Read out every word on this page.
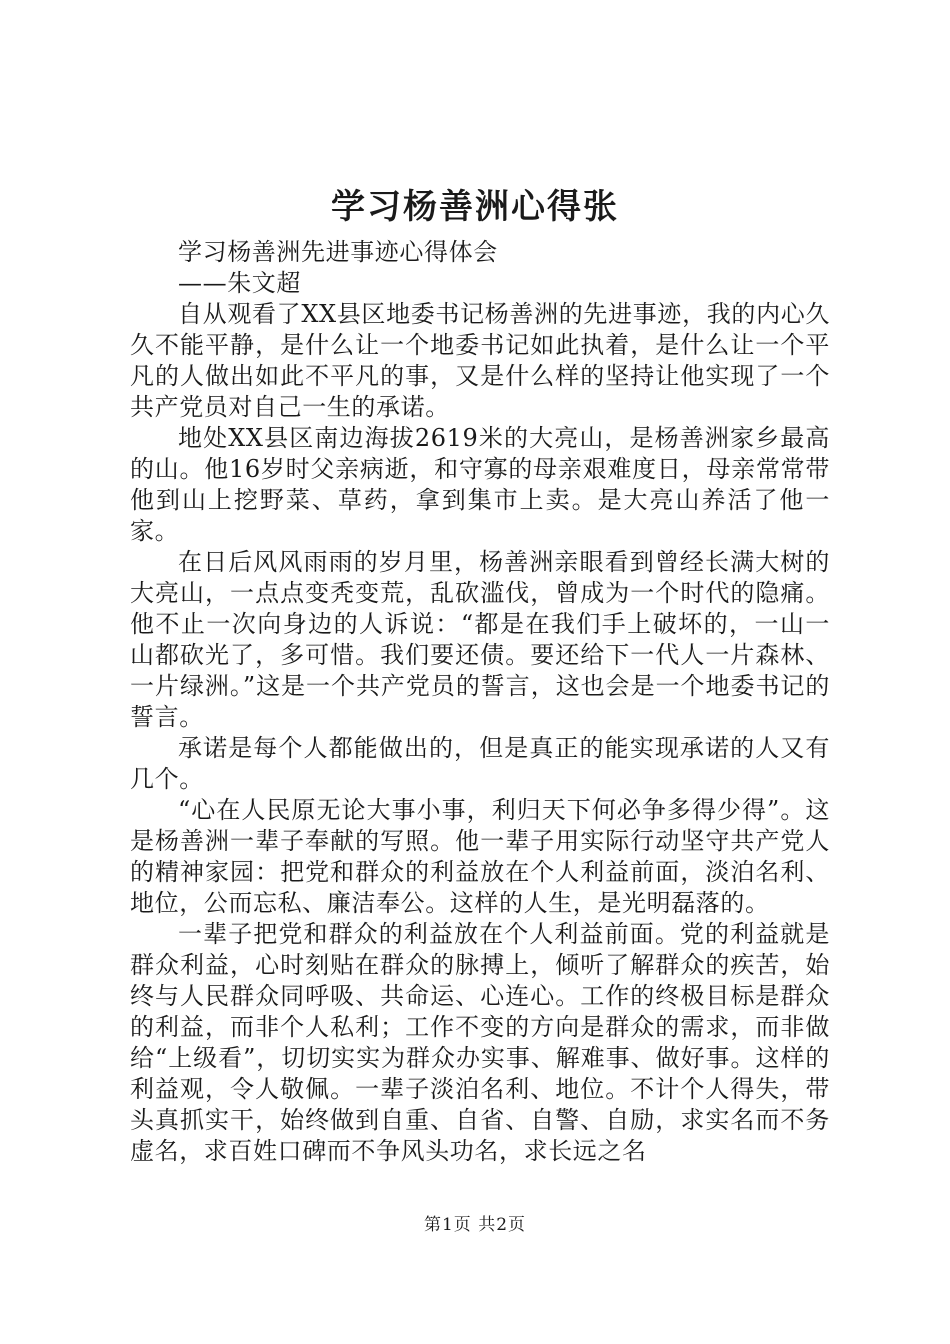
学习杨善洲心得张

学习杨善洲先进事迹心得体会

——朱文超

自从观看了XX县区地委书记杨善洲的先进事迹，我的内心久久不能平静，是什么让一个地委书记如此执着，是什么让一个平凡的人做出如此不平凡的事，又是什么样的坚持让他实现了一个共产党员对自己一生的承诺。

地处XX县区南边海拔2619米的大亮山，是杨善洲家乡最高的山。他16岁时父亲病逝，和守寡的母亲艰难度日，母亲常常带他到山上挖野菜、草药，拿到集市上卖。是大亮山养活了他一家。

在日后风风雨雨的岁月里，杨善洲亲眼看到曾经长满大树的大亮山，一点点变秃变荒，乱砍滥伐，曾成为一个时代的隐痛。他不止一次向身边的人诉说：“都是在我们手上破坏的，一山一山都砍光了，多可惜。我们要还债。要还给下一代人一片森林、一片绿洲。”这是一个共产党员的誓言，这也会是一个地委书记的誓言。

承诺是每个人都能做出的，但是真正的能实现承诺的人又有几个。

“心在人民原无论大事小事，利归天下何必争多得少得”。这是杨善洲一辈子奉献的写照。他一辈子用实际行动坚守共产党人的精神家园：把党和群众的利益放在个人利益前面，淡泊名利、地位，公而忘私、廉洁奉公。这样的人生，是光明磊落的。

一辈子把党和群众的利益放在个人利益前面。党的利益就是群众利益，心时刻贴在群众的脉搏上，倾听了解群众的疾苦，始终与人民群众同呼吸、共命运、心连心。工作的终极目标是群众的利益，而非个人私利；工作不变的方向是群众的需求，而非做给“上级看”，切切实实为群众办实事、解难事、做好事。这样的利益观，令人敬佩。一辈子淡泊名利、地位。不计个人得失，带头真抓实干，始终做到自重、自省、自警、自励，求实名而不务虚名，求百姓口碑而不争风头功名，求长远之名

第1页 共2页
